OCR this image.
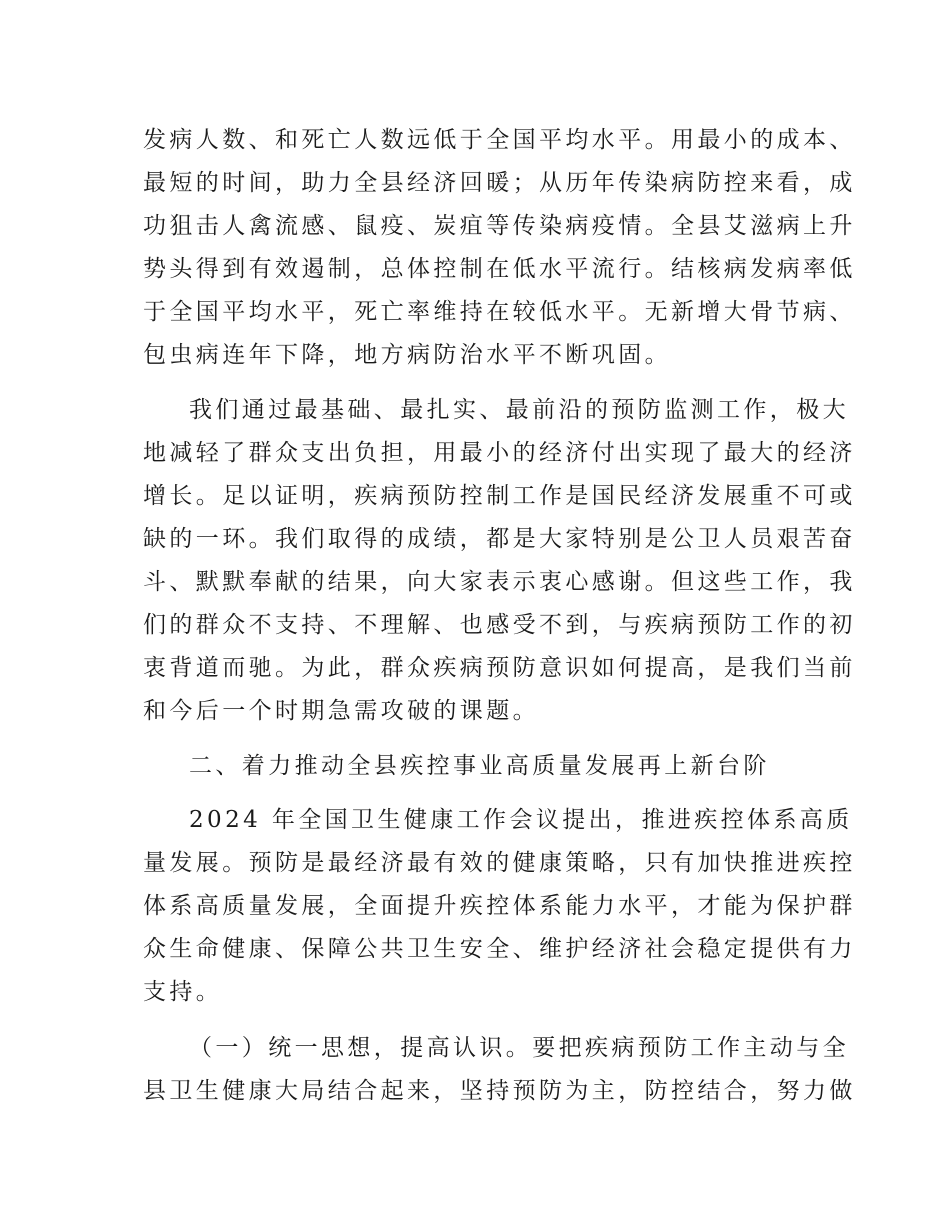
发病人数、和死亡人数远低于全国平均水平。用最小的成本、
最短的时间，助力全县经济回暖；从历年传染病防控来看，成
功狙击人禽流感、鼠疫、炭疽等传染病疫情。全县艾滋病上升
势头得到有效遏制，总体控制在低水平流行。结核病发病率低
于全国平均水平，死亡率维持在较低水平。无新增大骨节病、
包虫病连年下降，地方病防治水平不断巩固。
我们通过最基础、最扎实、最前沿的预防监测工作，极大
地减轻了群众支出负担，用最小的经济付出实现了最大的经济
增长。足以证明，疾病预防控制工作是国民经济发展重不可或
缺的一环。我们取得的成绩，都是大家特别是公卫人员艰苦奋
斗、默默奉献的结果，向大家表示衷心感谢。但这些工作，我
们的群众不支持、不理解、也感受不到，与疾病预防工作的初
衷背道而驰。为此，群众疾病预防意识如何提高，是我们当前
和今后一个时期急需攻破的课题。
二、着力推动全县疾控事业高质量发展再上新台阶
2024 年全国卫生健康工作会议提出，推进疾控体系高质
量发展。预防是最经济最有效的健康策略，只有加快推进疾控
体系高质量发展，全面提升疾控体系能力水平，才能为保护群
众生命健康、保障公共卫生安全、维护经济社会稳定提供有力
支持。
（一）统一思想，提高认识。要把疾病预防工作主动与全
县卫生健康大局结合起来，坚持预防为主，防控结合，努力做
